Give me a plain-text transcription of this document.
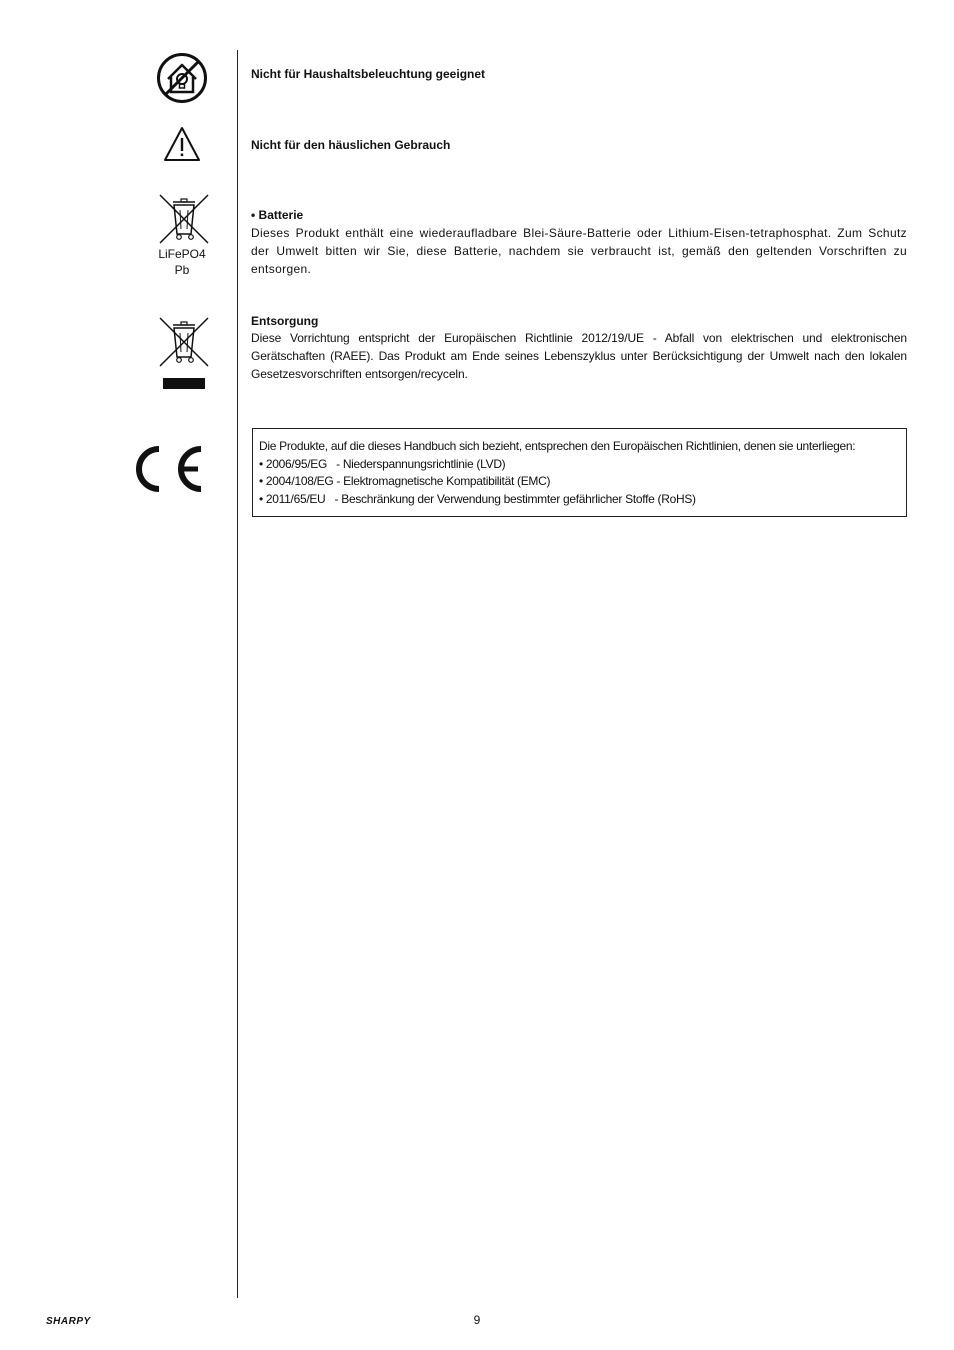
LiFePO4
Pb
Nicht für Haushaltsbeleuchtung geeignet
Nicht für den häuslichen Gebrauch
• Batterie
Dieses Produkt enthält eine wiederaufladbare Blei-Säure-Batterie oder Lithium-Eisen-tetraphosphat. Zum Schutz der Umwelt bitten wir Sie, diese Batterie, nachdem sie verbraucht ist, gemäß den geltenden Vorschriften zu entsorgen.
Entsorgung
Diese Vorrichtung entspricht der Europäischen Richtlinie 2012/19/UE - Abfall von elektrischen und elektronischen Gerätschaften (RAEE). Das Produkt am Ende seines Lebenszyklus unter Berücksichtigung der Umwelt nach den lokalen Gesetzesvorschriften entsorgen/recyceln.
Die Produkte, auf die dieses Handbuch sich bezieht, entsprechen den Europäischen Richtlinien, denen sie unterliegen:
• 2006/95/EG   - Niederspannungsrichtlinie (LVD)
• 2004/108/EG - Elektromagnetische Kompatibilität (EMC)
• 2011/65/EU   - Beschränkung der Verwendung bestimmter gefährlicher Stoffe (RoHS)
SHARPY	9
